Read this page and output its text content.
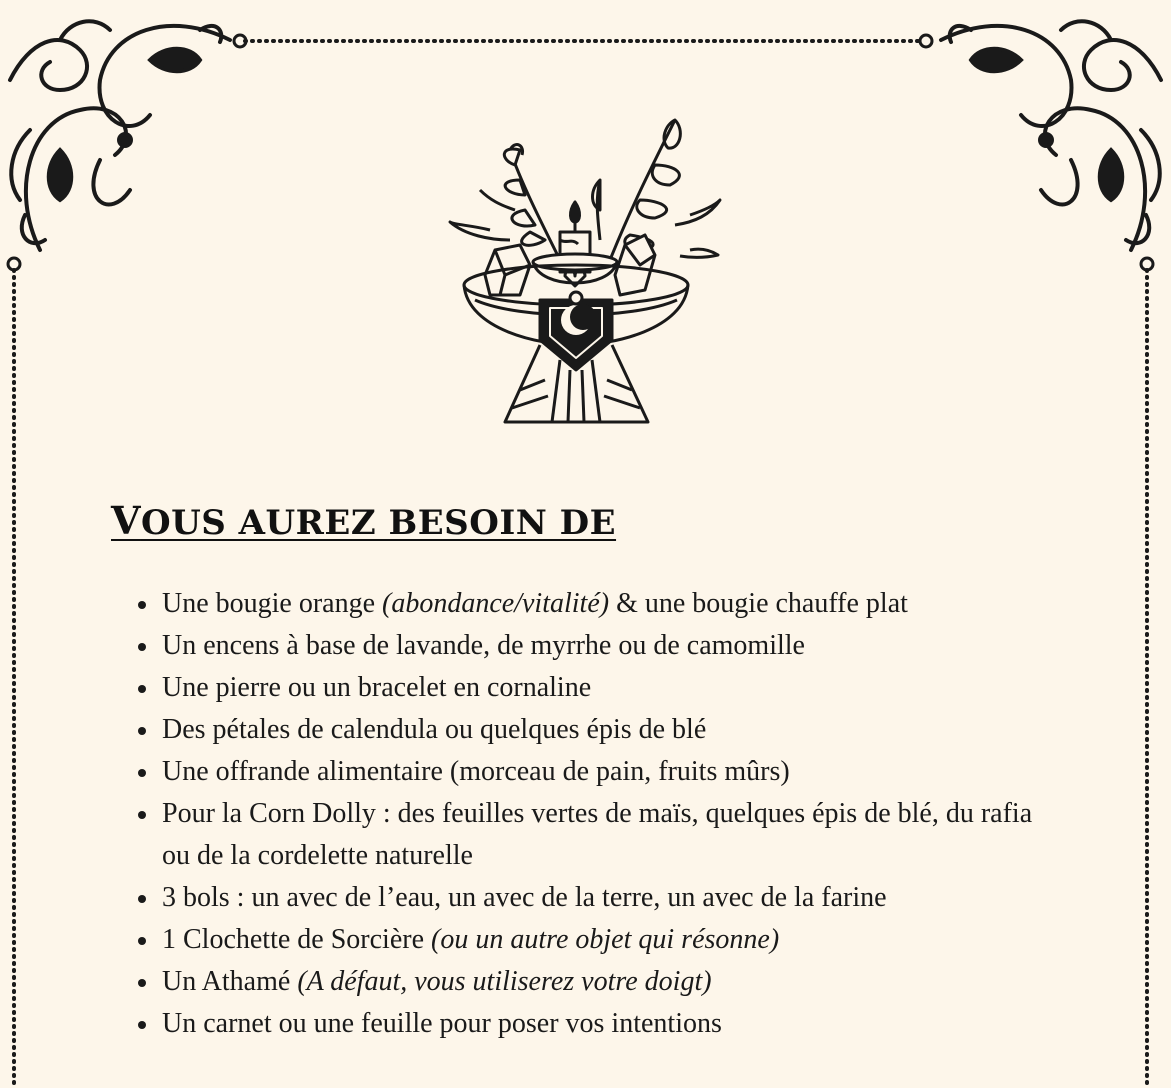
VOUS AUREZ BESOIN DE
Une bougie orange (abondance/vitalité) & une bougie chauffe plat
Un encens à base de lavande, de myrrhe ou de camomille
Une pierre ou un bracelet en cornaline
Des pétales de calendula ou quelques épis de blé
Une offrande alimentaire (morceau de pain, fruits mûrs)
Pour la Corn Dolly : des feuilles vertes de maïs, quelques épis de blé, du rafia ou de la cordelette naturelle
3 bols : un avec de l’eau, un avec de la terre, un avec de la farine
1 Clochette de Sorcière (ou un autre objet qui résonne)
Un Athamé (A défaut, vous utiliserez votre doigt)
Un carnet ou une feuille pour poser vos intentions
